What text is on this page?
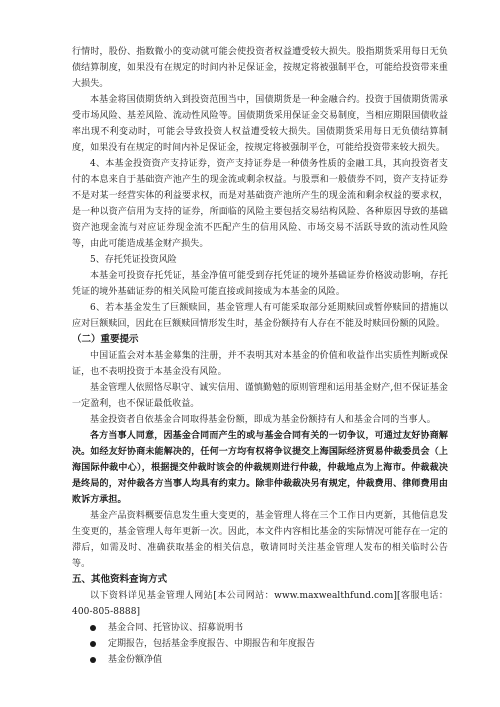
行情时，股份、指数微小的变动就可能会使投资者权益遭受较大损失。股指期货采用每日无负债结算制度，如果没有在规定的时间内补足保证金，按规定将被强制平仓，可能给投资带来重大损失。

本基金将国债期货纳入到投资范围当中，国债期货是一种金融合约。投资于国债期货需承受市场风险、基差风险、流动性风险等。国债期货采用保证金交易制度，当相应期限国债收益率出现不利变动时，可能会导致投资人权益遭受较大损失。国债期货采用每日无负债结算制度，如果没有在规定的时间内补足保证金，按规定将被强制平仓，可能给投资带来较大损失。

4、本基金投资资产支持证券，资产支持证券是一种债务性质的金融工具，其向投资者支付的本息来自于基础资产池产生的现金流或剩余权益。与股票和一般债券不同，资产支持证券不是对某一经营实体的利益要求权，而是对基础资产池所产生的现金流和剩余权益的要求权，是一种以资产信用为支持的证券，所面临的风险主要包括交易结构风险、各种原因导致的基础资产池现金流与对应证券现金流不匹配产生的信用风险、市场交易不活跃导致的流动性风险等，由此可能造成基金财产损失。

5、存托凭证投资风险

本基金可投资存托凭证，基金净值可能受到存托凭证的境外基础证券价格波动影响，存托凭证的境外基础证券的相关风险可能直接或间接成为本基金的风险。

6、若本基金发生了巨额赎回，基金管理人有可能采取部分延期赎回或暂停赎回的措施以应对巨额赎回，因此在巨额赎回情形发生时，基金份额持有人存在不能及时赎回份额的风险。

（二）重要提示

中国证监会对本基金募集的注册，并不表明其对本基金的价值和收益作出实质性判断或保证，也不表明投资于本基金没有风险。

基金管理人依照恪尽职守、诚实信用、谨慎勤勉的原则管理和运用基金财产,但不保证基金一定盈利，也不保证最低收益。

基金投资者自依基金合同取得基金份额，即成为基金份额持有人和基金合同的当事人。

各方当事人同意，因基金合同而产生的或与基金合同有关的一切争议，可通过友好协商解决。如经友好协商未能解决的，任何一方均有权将争议提交上海国际经济贸易仲裁委员会（上海国际仲裁中心），根据提交仲裁时该会的仲裁规则进行仲裁，仲裁地点为上海市。仲裁裁决是终局的，对仲裁各方当事人均具有约束力。除非仲裁裁决另有规定，仲裁费用、律师费用由败诉方承担。

基金产品资料概要信息发生重大变更的，基金管理人将在三个工作日内更新，其他信息发生变更的，基金管理人每年更新一次。因此，本文件内容相比基金的实际情况可能存在一定的滞后，如需及时、准确获取基金的相关信息，敬请同时关注基金管理人发布的相关临时公告等。

五、其他资料查询方式

以下资料详见基金管理人网站[本公司网站：www.maxwealthfund.com][客服电话：400-805-8888]

基金合同、托管协议、招募说明书
定期报告，包括基金季度报告、中期报告和年度报告
基金份额净值
